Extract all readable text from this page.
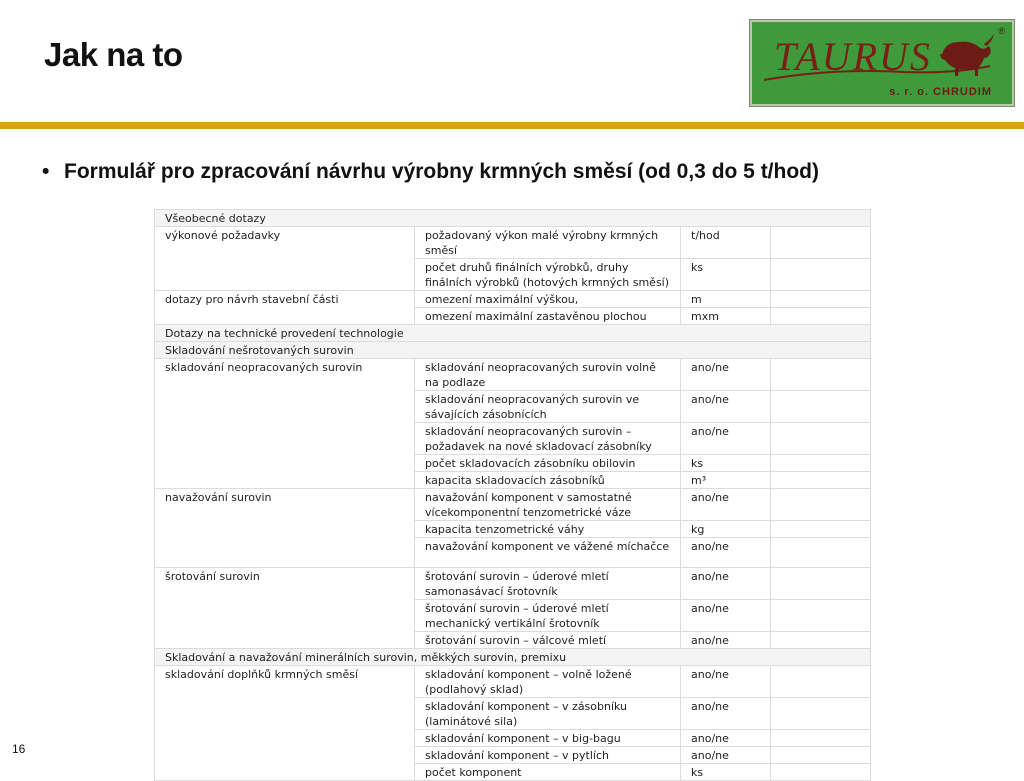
Jak na to	TAURUS
s. r. o. CHRUDIM
®
• Formulář pro zpracování návrhu výrobny krmných směsí (od 0,3 do 5 t/hod)
Všeobecné dotazy			
výkonové požadavky	požadovaný výkon malé výrobny krmných směsí	t/hod	
	počet druhů finálních výrobků, druhy finálních výrobků (hotových krmných směsí)	ks	
dotazy pro návrh stavební části	omezení maximální výškou,	m	
	omezení maximální zastavěnou plochou	mxm	
Dotazy na technické provedení technologie			
Skladování nešrotovaných surovin			
skladování neopracovaných surovin	skladování neopracovaných surovin volně na podlaze	ano/ne	
	skladování neopracovaných surovin ve sávajících zásobnících	ano/ne	
	skladování neopracovaných surovin – požadavek na nové skladovací zásobníky	ano/ne	
	počet skladovacích zásobníku obilovin	ks	
	kapacita skladovacích zásobníků	m³	
navažování surovin	navažování komponent v samostatné vícekomponentní tenzometrické váze	ano/ne	
	kapacita tenzometrické váhy	kg	
	navažování komponent ve vážené míchačce	ano/ne	
šrotování surovin	šrotování surovin – úderové mletí samonasávací šrotovník	ano/ne	
	šrotování surovin – úderové mletí mechanický vertikální šrotovník	ano/ne	
	šrotování surovin – válcové mletí	ano/ne	
Skladování a navažování minerálních surovin, měkkých surovin, premixu			
skladování doplňků krmných směsí	skladování komponent – volně ložené (podlahový sklad)	ano/ne	
	skladování komponent – v zásobníku (laminátové sila)	ano/ne	
	skladování komponent – v big-bagu	ano/ne	
	skladování komponent – v pytlích	ano/ne	
	počet komponent	ks	
16
